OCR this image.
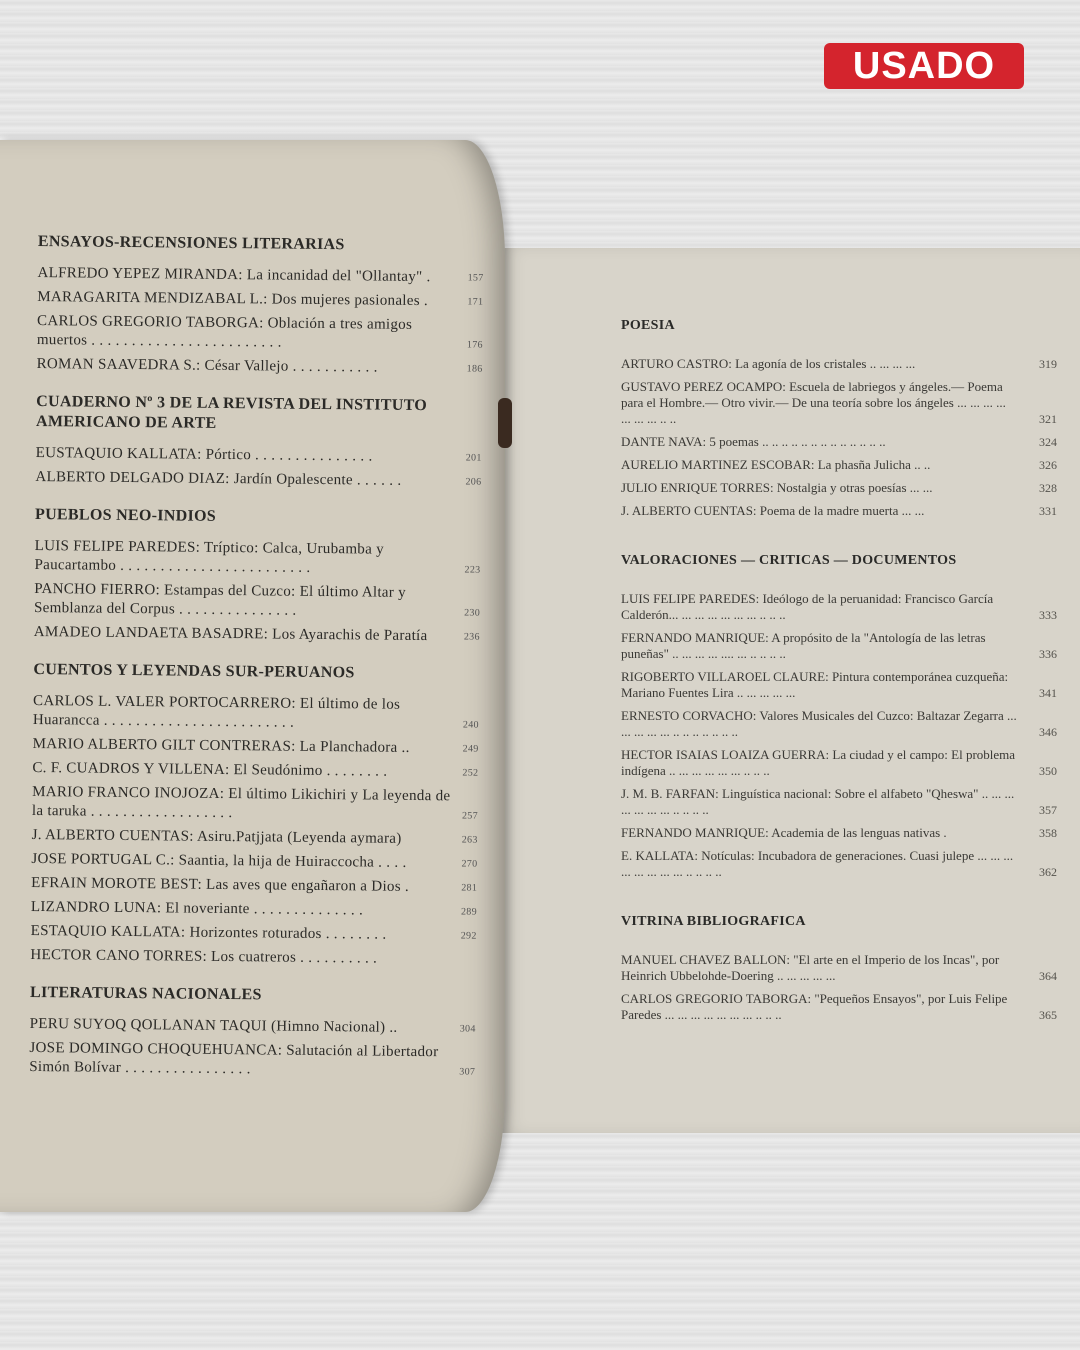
USADO
POESIA
ARTURO CASTRO: La agonía de los cristales .. ... ... ...	319
GUSTAVO PEREZ OCAMPO: Escuela de labriegos y ángeles.— Poema para el Hombre.— Otro vivir.— De una teoría sobre los ángeles ... ... ... ... ... ... ... .. ..	321
DANTE NAVA: 5 poemas .. .. .. .. .. .. .. .. .. .. .. .. ..	324
AURELIO MARTINEZ ESCOBAR: La phasña Julicha .. ..	326
JULIO ENRIQUE TORRES: Nostalgia y otras poesías ... ...	328
J. ALBERTO CUENTAS: Poema de la madre muerta ... ...	331
VALORACIONES — CRITICAS — DOCUMENTOS
LUIS FELIPE PAREDES: Ideólogo de la peruanidad: Francisco García Calderón... ... ... ... ... ... ... .. .. ..	333
FERNANDO MANRIQUE: A propósito de la "Antología de las letras puneñas" .. ... ... ... .... ... .. .. .. ..	336
RIGOBERTO VILLAROEL CLAURE: Pintura contemporánea cuzqueña: Mariano Fuentes Lira .. ... ... ... ...	341
ERNESTO CORVACHO: Valores Musicales del Cuzco: Baltazar Zegarra ... ... ... ... ... .. .. .. .. .. .. ..	346
HECTOR ISAIAS LOAIZA GUERRA: La ciudad y el campo: El problema indígena .. ... ... ... ... ... .. .. ..	350
J. M. B. FARFAN: Linguística nacional: Sobre el alfabeto "Qheswa" .. ... ... ... ... ... ... .. .. .. ..	357
FERNANDO MANRIQUE: Academia de las lenguas nativas .	358
E. KALLATA: Notículas: Incubadora de generaciones. Cuasi julepe ... ... ... ... ... ... ... ... .. .. .. ..	362
VITRINA BIBLIOGRAFICA
MANUEL CHAVEZ BALLON: "El arte en el Imperio de los Incas", por Heinrich Ubbelohde-Doering .. ... ... ... ...	364
CARLOS GREGORIO TABORGA: "Pequeños Ensayos", por Luis Felipe Paredes ... ... ... ... ... ... ... .. .. ..	365
ENSAYOS-RECENSIONES LITERARIAS
ALFREDO YEPEZ MIRANDA: La incanidad del "Ollantay" .	157
MARAGARITA MENDIZABAL L.: Dos mujeres pasionales .	171
CARLOS GREGORIO TABORGA: Oblación a tres amigos muertos . . . . . . . . . . . . . . . . . . . . . . . .	176
ROMAN SAAVEDRA S.: César Vallejo . . . . . . . . . . .	186
CUADERNO Nº 3 DE LA REVISTA DEL INSTITUTO AMERICANO DE ARTE
EUSTAQUIO KALLATA: Pórtico . . . . . . . . . . . . . . .	201
ALBERTO DELGADO DIAZ: Jardín Opalescente . . . . . .	206
PUEBLOS NEO-INDIOS
LUIS FELIPE PAREDES: Tríptico: Calca, Urubamba y Paucartambo . . . . . . . . . . . . . . . . . . . . . . . .	223
PANCHO FIERRO: Estampas del Cuzco: El último Altar y Semblanza del Corpus . . . . . . . . . . . . . . .	230
AMADEO LANDAETA BASADRE: Los Ayarachis de Paratía	236
CUENTOS Y LEYENDAS SUR-PERUANOS
CARLOS L. VALER PORTOCARRERO: El último de los Huarancca . . . . . . . . . . . . . . . . . . . . . . . .	240
MARIO ALBERTO GILT CONTRERAS: La Planchadora ..	249
C. F. CUADROS Y VILLENA: El Seudónimo . . . . . . . .	252
MARIO FRANCO INOJOZA: El último Likichiri y La leyenda de la taruka . . . . . . . . . . . . . . . . . .	257
J. ALBERTO CUENTAS: Asiru.Patjjata (Leyenda aymara)	263
JOSE PORTUGAL C.: Saantia, la hija de Huiraccocha . . . .	270
EFRAIN MOROTE BEST: Las aves que engañaron a Dios .	281
LIZANDRO LUNA: El noveriante . . . . . . . . . . . . . .	289
ESTAQUIO KALLATA: Horizontes roturados . . . . . . . .	292
HECTOR CANO TORRES: Los cuatreros . . . . . . . . . .
LITERATURAS NACIONALES
PERU SUYOQ QOLLANAN TAQUI (Himno Nacional) ..	304
JOSE DOMINGO CHOQUEHUANCA: Salutación al Libertador Simón Bolívar . . . . . . . . . . . . . . . .	307
